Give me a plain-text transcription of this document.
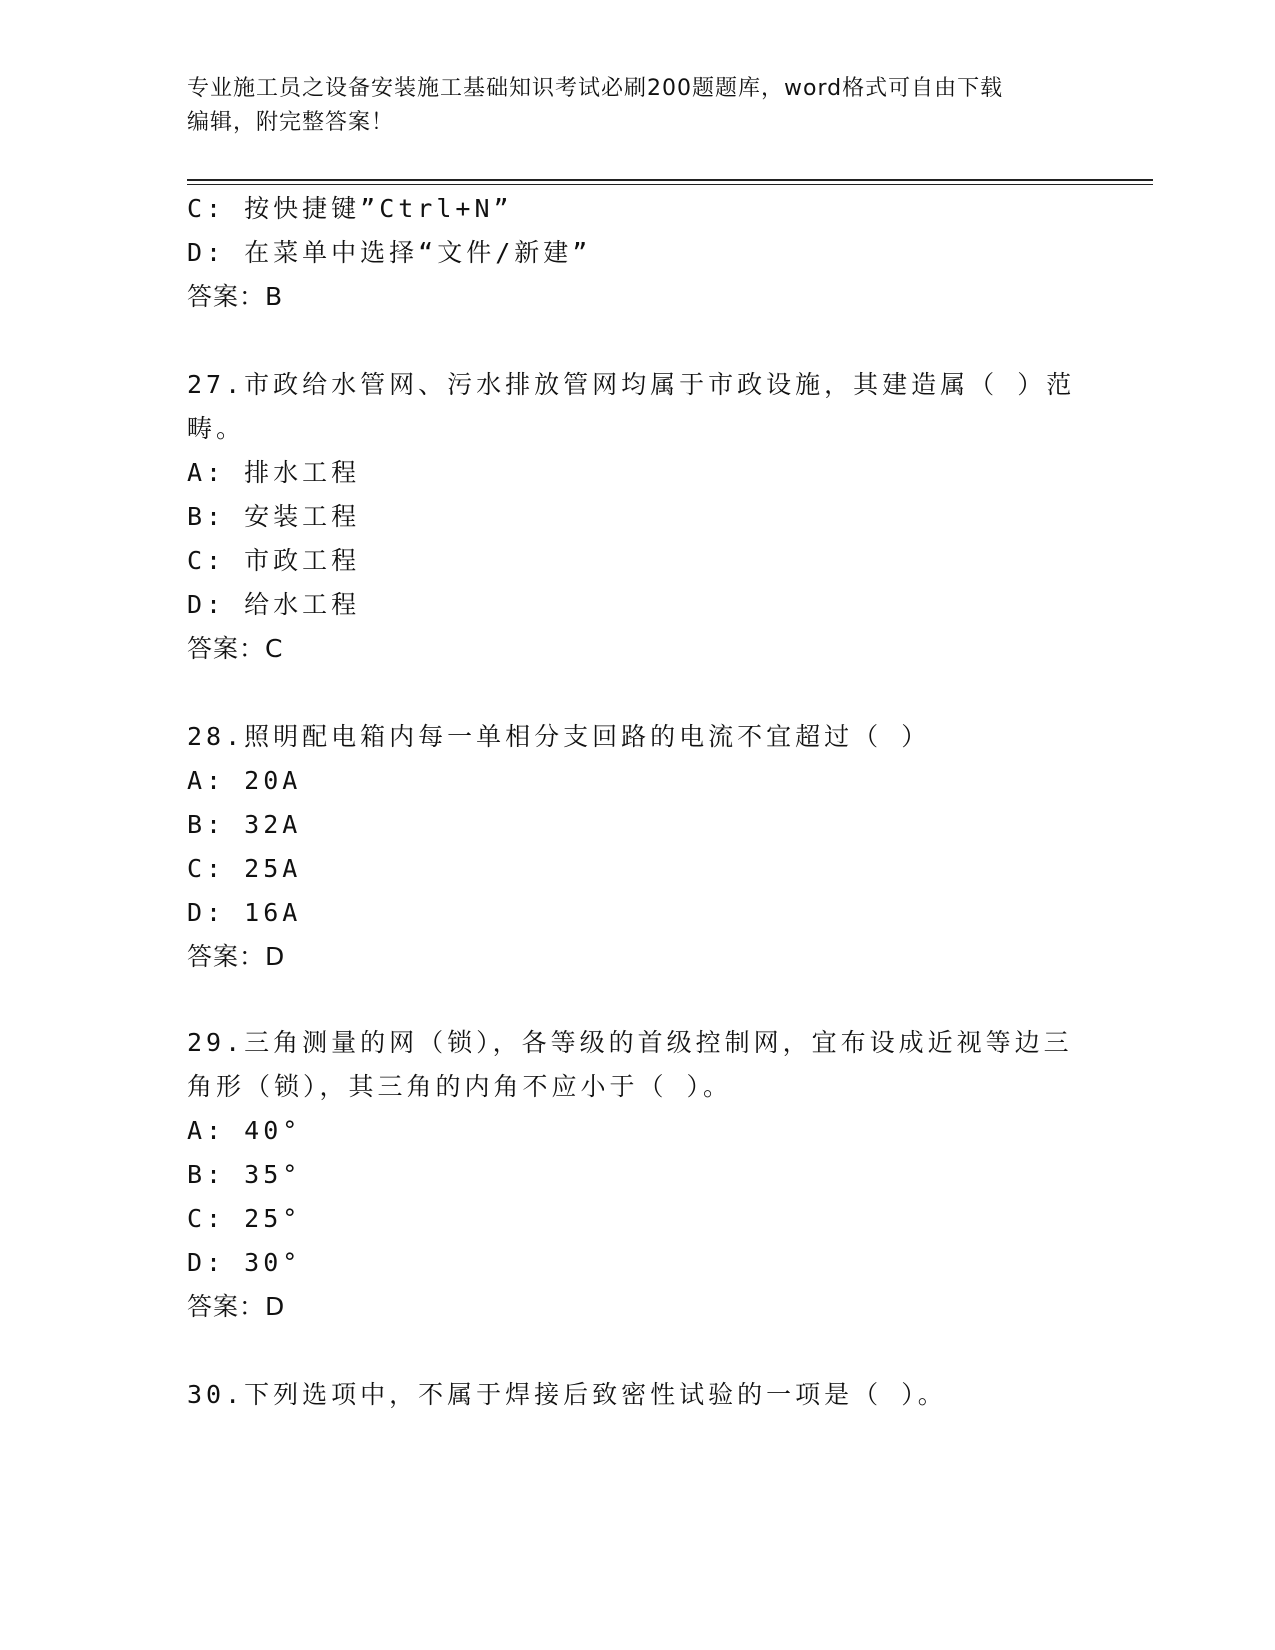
专业施工员之设备安装施工基础知识考试必刷200题题库，word格式可自由下载
编辑，附完整答案！
C: 按快捷键”Ctrl+N”
D: 在菜单中选择“文件/新建”
答案：B
27.市政给水管网、污水排放管网均属于市政设施，其建造属（ ）范
畴。
A: 排水工程
B: 安装工程
C: 市政工程
D: 给水工程
答案：C
28.照明配电箱内每一单相分支回路的电流不宜超过（ ）
A: 20A
B: 32A
C: 25A
D: 16A
答案：D
29.三角测量的网（锁），各等级的首级控制网，宜布设成近视等边三
角形（锁），其三角的内角不应小于（ ）。
A: 40°
B: 35°
C: 25°
D: 30°
答案：D
30.下列选项中，不属于焊接后致密性试验的一项是（ ）。
